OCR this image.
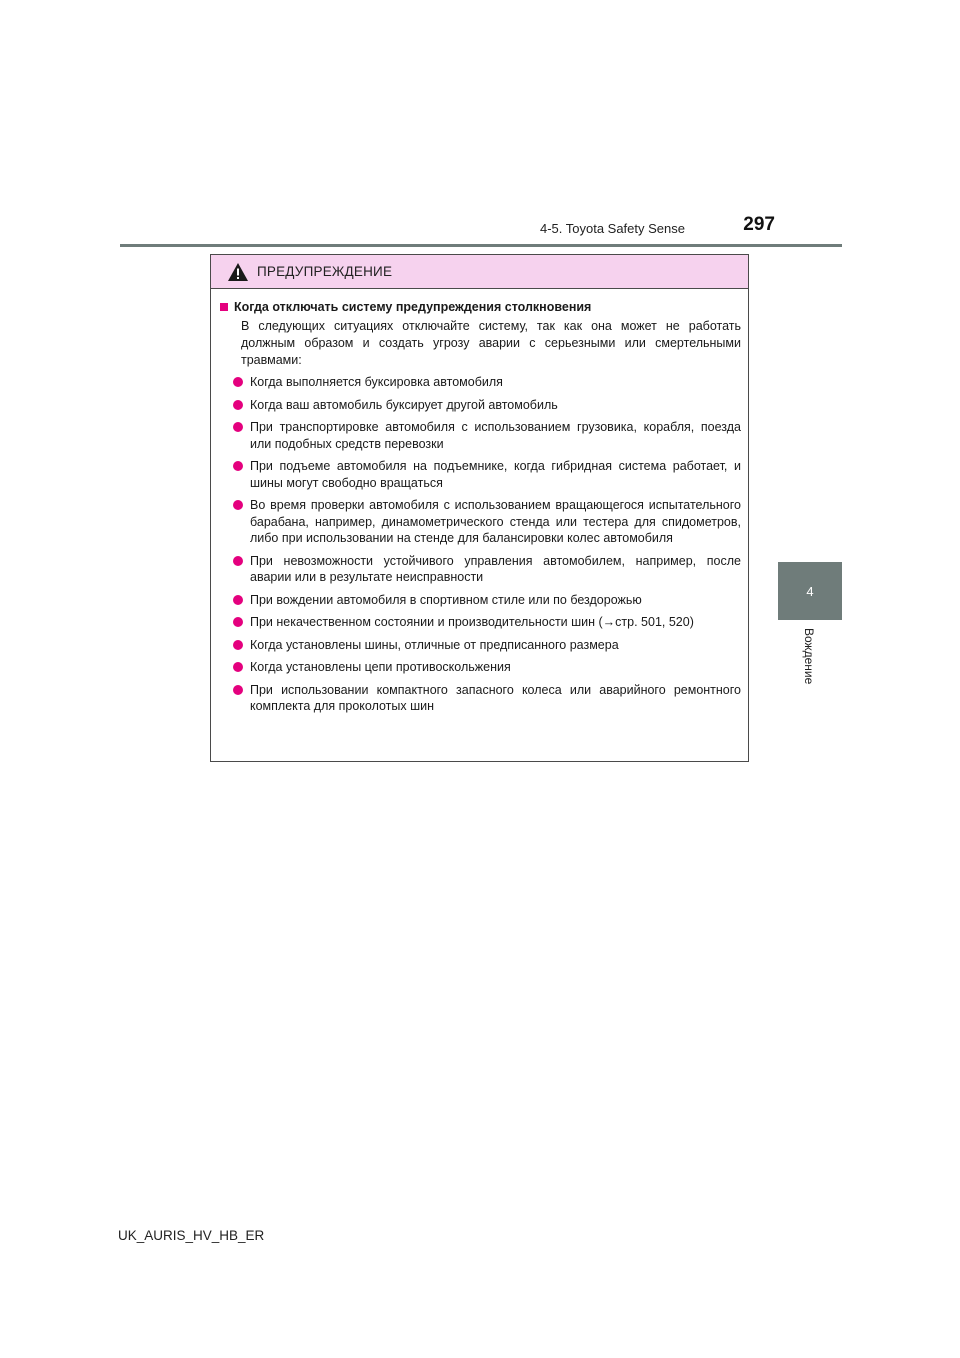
4-5. Toyota Safety Sense	297
4
Вождение
ПРЕДУПРЕЖДЕНИЕ
Когда отключать систему предупреждения столкновения

В следующих ситуациях отключайте систему, так как она может не работать должным образом и создать угрозу аварии с серьезными или смертельными травмами:

Когда выполняется буксировка автомобиля
Когда ваш автомобиль буксирует другой автомобиль
При транспортировке автомобиля с использованием грузовика, корабля, поезда или подобных средств перевозки
При подъеме автомобиля на подъемнике, когда гибридная система работает, и шины могут свободно вращаться
Во время проверки автомобиля с использованием вращающегося испытательного барабана, например, динамометрического стенда или тестера для спидометров, либо при использовании на стенде для балансировки колес автомобиля
При невозможности устойчивого управления автомобилем, например, после аварии или в результате неисправности
При вождении автомобиля в спортивном стиле или по бездорожью
При некачественном состоянии и производительности шин (→стр. 501, 520)
Когда установлены шины, отличные от предписанного размера
Когда установлены цепи противоскольжения
При использовании компактного запасного колеса или аварийного ремонтного комплекта для проколотых шин
UK_AURIS_HV_HB_ER
